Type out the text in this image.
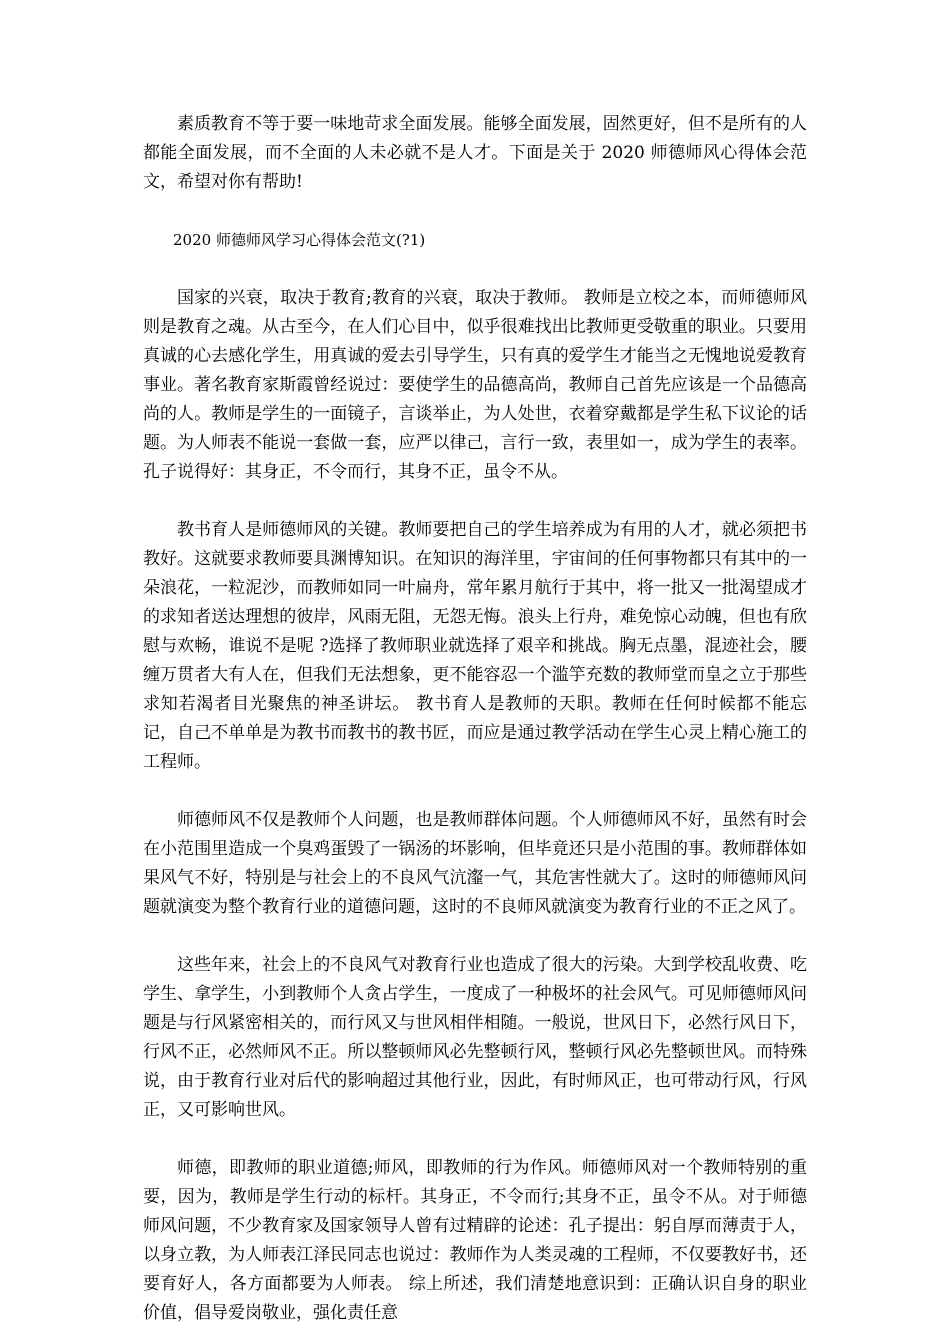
素质教育不等于要一味地苛求全面发展。能够全面发展，固然更好，但不是所有的人都能全面发展，而不全面的人未必就不是人才。下面是关于 2020 师德师风心得体会范文，希望对你有帮助!

2020 师德师风学习心得体会范文(?1)

国家的兴衰，取决于教育;教育的兴衰，取决于教师。 教师是立校之本，而师德师风则是教育之魂。从古至今，在人们心目中，似乎很难找出比教师更受敬重的职业。只要用真诚的心去感化学生，用真诚的爱去引导学生，只有真的爱学生才能当之无愧地说爱教育事业。著名教育家斯霞曾经说过：要使学生的品德高尚，教师自己首先应该是一个品德高尚的人。教师是学生的一面镜子，言谈举止，为人处世，衣着穿戴都是学生私下议论的话题。为人师表不能说一套做一套，应严以律己，言行一致，表里如一，成为学生的表率。孔子说得好：其身正，不令而行，其身不正，虽令不从。

教书育人是师德师风的关键。教师要把自己的学生培养成为有用的人才，就必须把书教好。这就要求教师要具渊博知识。在知识的海洋里，宇宙间的任何事物都只有其中的一朵浪花，一粒泥沙，而教师如同一叶扁舟，常年累月航行于其中，将一批又一批渴望成才的求知者送达理想的彼岸，风雨无阻，无怨无悔。浪头上行舟，难免惊心动魄，但也有欣慰与欢畅，谁说不是呢 ?选择了教师职业就选择了艰辛和挑战。胸无点墨，混迹社会，腰缠万贯者大有人在，但我们无法想象，更不能容忍一个滥竽充数的教师堂而皇之立于那些求知若渴者目光聚焦的神圣讲坛。 教书育人是教师的天职。教师在任何时候都不能忘记，自己不单单是为教书而教书的教书匠，而应是通过教学活动在学生心灵上精心施工的工程师。

师德师风不仅是教师个人问题，也是教师群体问题。个人师德师风不好，虽然有时会在小范围里造成一个臭鸡蛋毁了一锅汤的坏影响，但毕竟还只是小范围的事。教师群体如果风气不好，特别是与社会上的不良风气沆瀣一气，其危害性就大了。这时的师德师风问题就演变为整个教育行业的道德问题，这时的不良师风就演变为教育行业的不正之风了。

这些年来，社会上的不良风气对教育行业也造成了很大的污染。大到学校乱收费、吃学生、拿学生，小到教师个人贪占学生，一度成了一种极坏的社会风气。可见师德师风问题是与行风紧密相关的，而行风又与世风相伴相随。一般说，世风日下，必然行风日下，行风不正，必然师风不正。所以整顿师风必先整顿行风，整顿行风必先整顿世风。而特殊说，由于教育行业对后代的影响超过其他行业，因此，有时师风正，也可带动行风，行风正，又可影响世风。

师德，即教师的职业道德;师风，即教师的行为作风。师德师风对一个教师特别的重要，因为，教师是学生行动的标杆。其身正，不令而行;其身不正，虽令不从。对于师德师风问题，不少教育家及国家领导人曾有过精辟的论述：孔子提出：躬自厚而薄责于人，以身立教，为人师表江泽民同志也说过：教师作为人类灵魂的工程师，不仅要教好书，还要育好人，各方面都要为人师表。 综上所述，我们清楚地意识到：正确认识自身的职业价值，倡导爱岗敬业，强化责任意
